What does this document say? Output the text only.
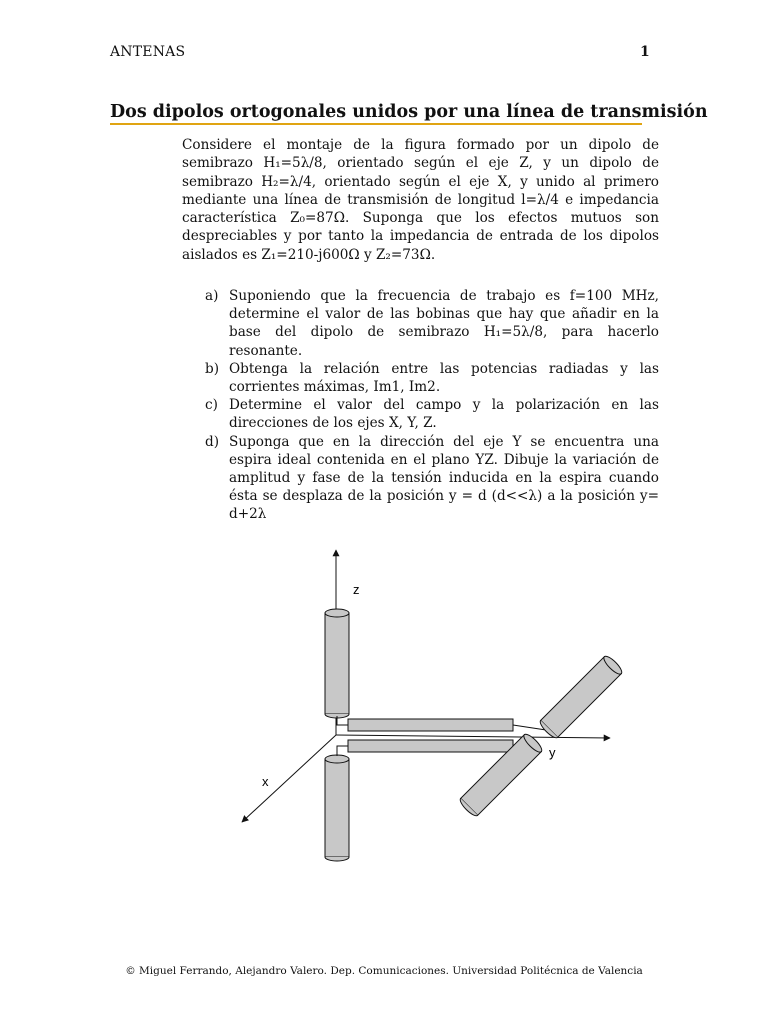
ANTENAS	1
Dos dipolos ortogonales unidos por una línea de transmisión
Considere el montaje de la figura formado por un dipolo de semibrazo H₁=5λ/8, orientado según el eje Z, y un dipolo de semibrazo H₂=λ/4, orientado según el eje X, y unido al primero mediante una línea de transmisión de longitud l=λ/4 e impedancia característica Z₀=87Ω. Suponga que los efectos mutuos son despreciables y por tanto la impedancia de entrada de los dipolos aislados es Z₁=210-j600Ω y Z₂=73Ω.
a) Suponiendo que la frecuencia de trabajo es f=100 MHz, determine el valor de las bobinas que hay que añadir en la base del dipolo de semibrazo H₁=5λ/8, para hacerlo resonante.
b) Obtenga la relación entre las potencias radiadas y las corrientes máximas, Im1, Im2.
c) Determine el valor del campo y la polarización en las direcciones de los ejes X, Y, Z.
d) Suponga que en la dirección del eje Y se encuentra una espira ideal contenida en el plano YZ. Dibuje la variación de amplitud y fase de la tensión inducida en la espira cuando ésta se desplaza de la posición y = d (d<<λ) a la posición y= d+2λ
z
y
x
© Miguel Ferrando, Alejandro Valero. Dep. Comunicaciones. Universidad Politécnica de Valencia
